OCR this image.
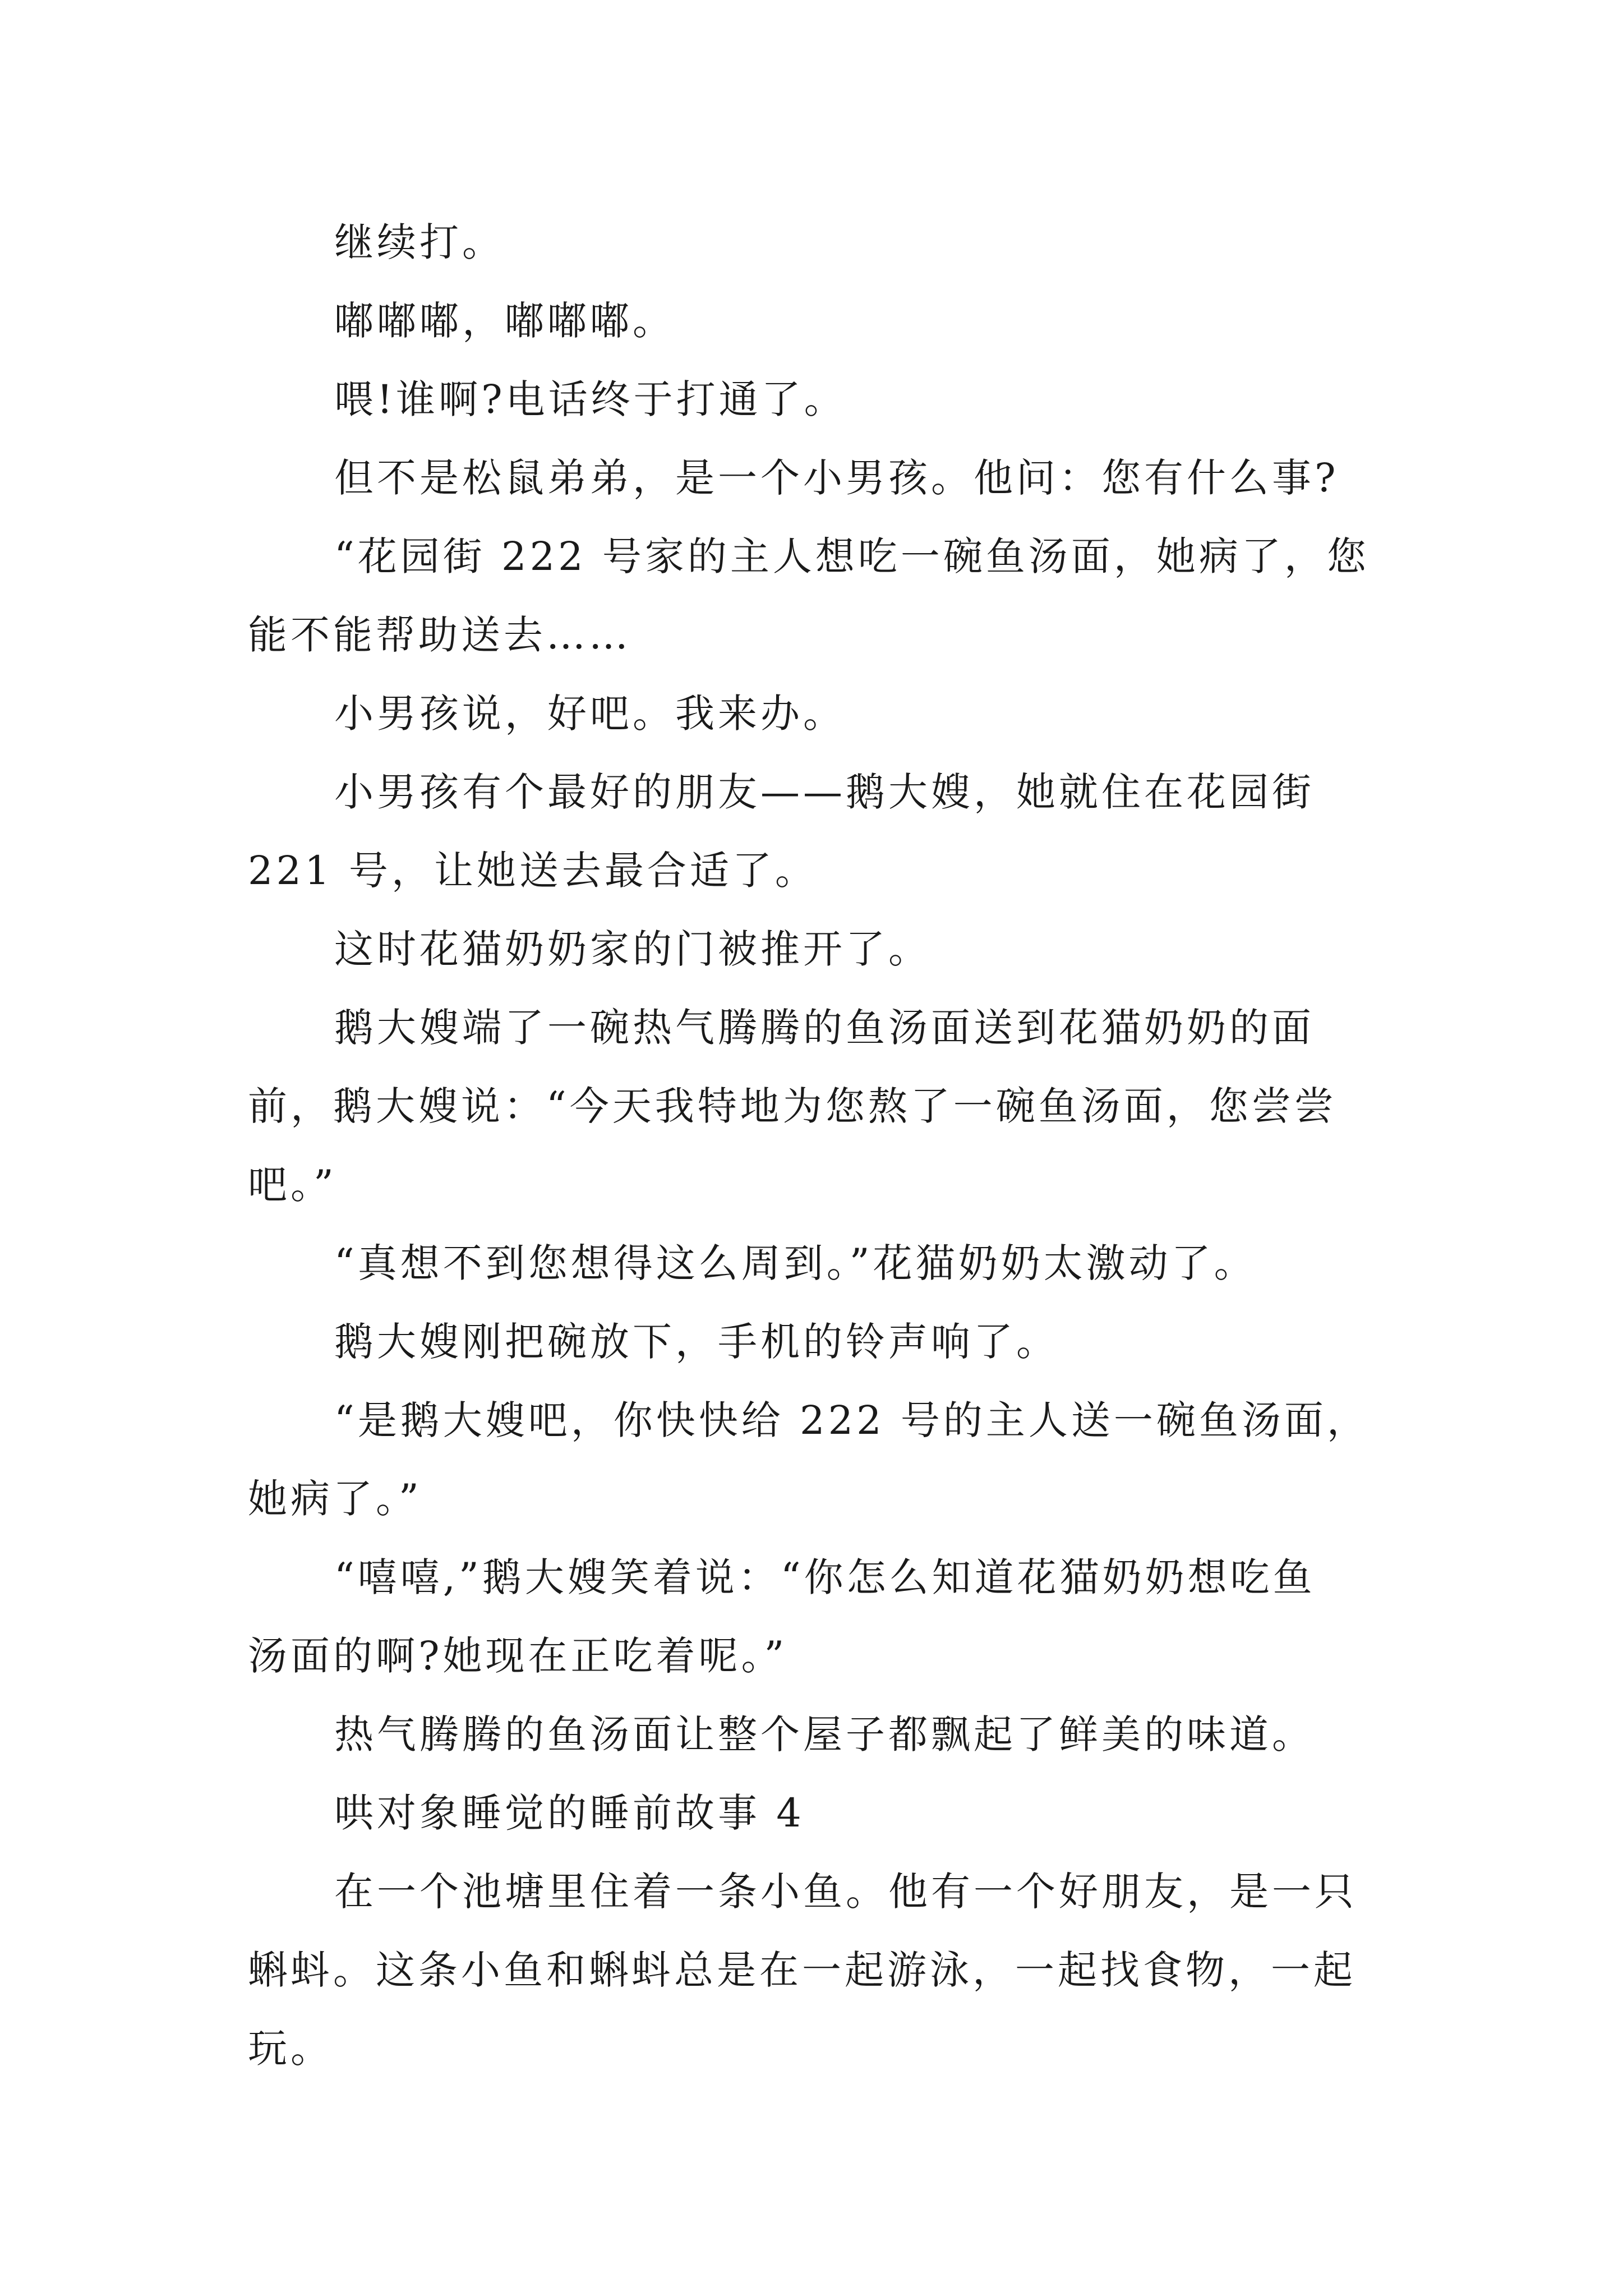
继续打。
嘟嘟嘟，嘟嘟嘟。
喂!谁啊?电话终于打通了。
但不是松鼠弟弟，是一个小男孩。他问：您有什么事?
“花园街 222 号家的主人想吃一碗鱼汤面，她病了，您
能不能帮助送去……
小男孩说，好吧。我来办。
小男孩有个最好的朋友——鹅大嫂，她就住在花园街
221 号，让她送去最合适了。
这时花猫奶奶家的门被推开了。
鹅大嫂端了一碗热气腾腾的鱼汤面送到花猫奶奶的面
前，鹅大嫂说：“今天我特地为您熬了一碗鱼汤面，您尝尝
吧。”
“真想不到您想得这么周到。”花猫奶奶太激动了。
鹅大嫂刚把碗放下，手机的铃声响了。
“是鹅大嫂吧，你快快给 222 号的主人送一碗鱼汤面，
她病了。”
“嘻嘻,”鹅大嫂笑着说：“你怎么知道花猫奶奶想吃鱼
汤面的啊?她现在正吃着呢。”
热气腾腾的鱼汤面让整个屋子都飘起了鲜美的味道。
哄对象睡觉的睡前故事 4
在一个池塘里住着一条小鱼。他有一个好朋友，是一只
蝌蚪。这条小鱼和蝌蚪总是在一起游泳，一起找食物，一起
玩。
